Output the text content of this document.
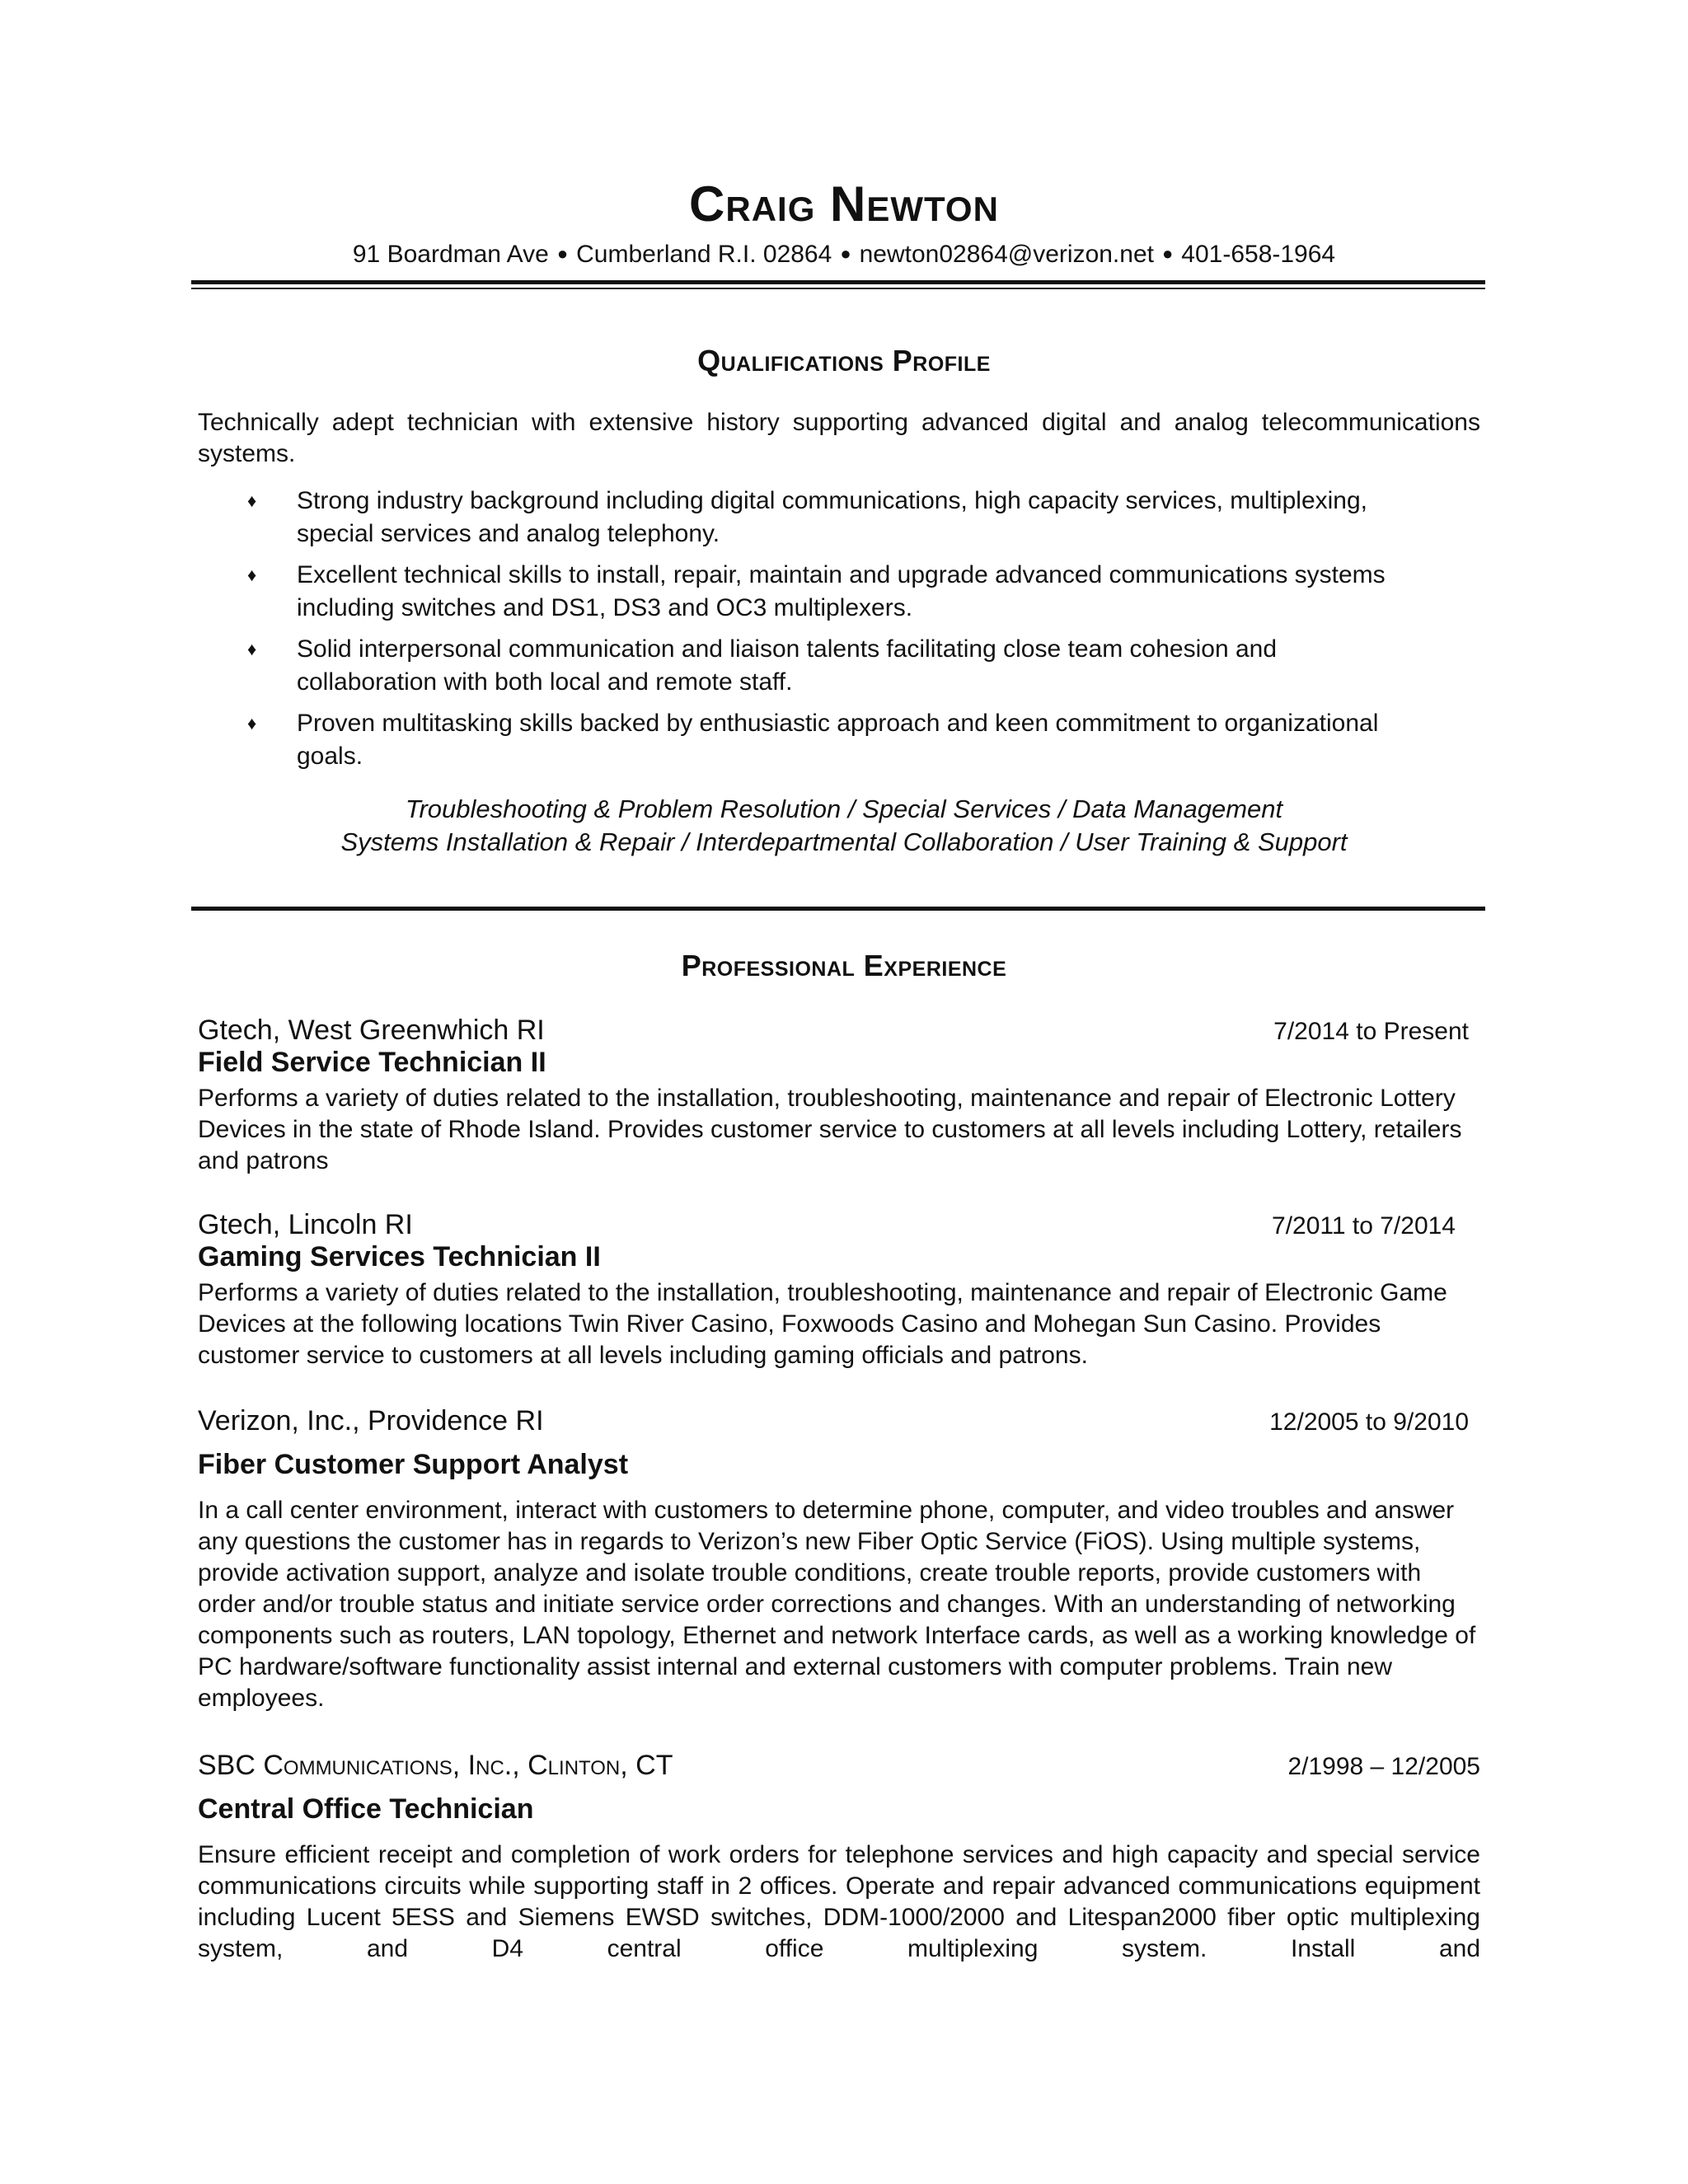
Craig Newton
91 Boardman Ave ● Cumberland R.I. 02864 ● newton02864@verizon.net ● 401-658-1964
Qualifications Profile
Technically adept technician with extensive history supporting advanced digital and analog telecommunications systems.
♦ Strong industry background including digital communications, high capacity services, multiplexing, special services and analog telephony.
♦ Excellent technical skills to install, repair, maintain and upgrade advanced communications systems including switches and DS1, DS3 and OC3 multiplexers.
♦ Solid interpersonal communication and liaison talents facilitating close team cohesion and collaboration with both local and remote staff.
♦ Proven multitasking skills backed by enthusiastic approach and keen commitment to organizational goals.
Troubleshooting & Problem Resolution / Special Services / Data Management
Systems Installation & Repair / Interdepartmental Collaboration / User Training & Support
Professional Experience
Gtech, West Greenwhich RI	7/2014 to Present
Field Service Technician II
Performs a variety of duties related to the installation, troubleshooting, maintenance and repair of Electronic Lottery Devices in the state of Rhode Island. Provides customer service to customers at all levels including Lottery, retailers and patrons
Gtech, Lincoln RI	7/2011 to 7/2014
Gaming Services Technician II
Performs a variety of duties related to the installation, troubleshooting, maintenance and repair of Electronic Game Devices at the following locations Twin River Casino, Foxwoods Casino and Mohegan Sun Casino. Provides customer service to customers at all levels including gaming officials and patrons.
Verizon, Inc., Providence RI	12/2005 to 9/2010
Fiber Customer Support Analyst
In a call center environment, interact with customers to determine phone, computer, and video troubles and answer any questions the customer has in regards to Verizon’s new Fiber Optic Service (FiOS). Using multiple systems, provide activation support, analyze and isolate trouble conditions, create trouble reports, provide customers with order and/or trouble status and initiate service order corrections and changes. With an understanding of networking components such as routers, LAN topology, Ethernet and network Interface cards, as well as a working knowledge of PC hardware/software functionality assist internal and external customers with computer problems. Train new employees.
SBC Communications, Inc., Clinton, CT	2/1998 – 12/2005
Central Office Technician
Ensure efficient receipt and completion of work orders for telephone services and high capacity and special service communications circuits while supporting staff in 2 offices. Operate and repair advanced communications equipment including Lucent 5ESS and Siemens EWSD switches, DDM-1000/2000 and Litespan2000 fiber optic multiplexing system, and D4 central office multiplexing system. Install and
